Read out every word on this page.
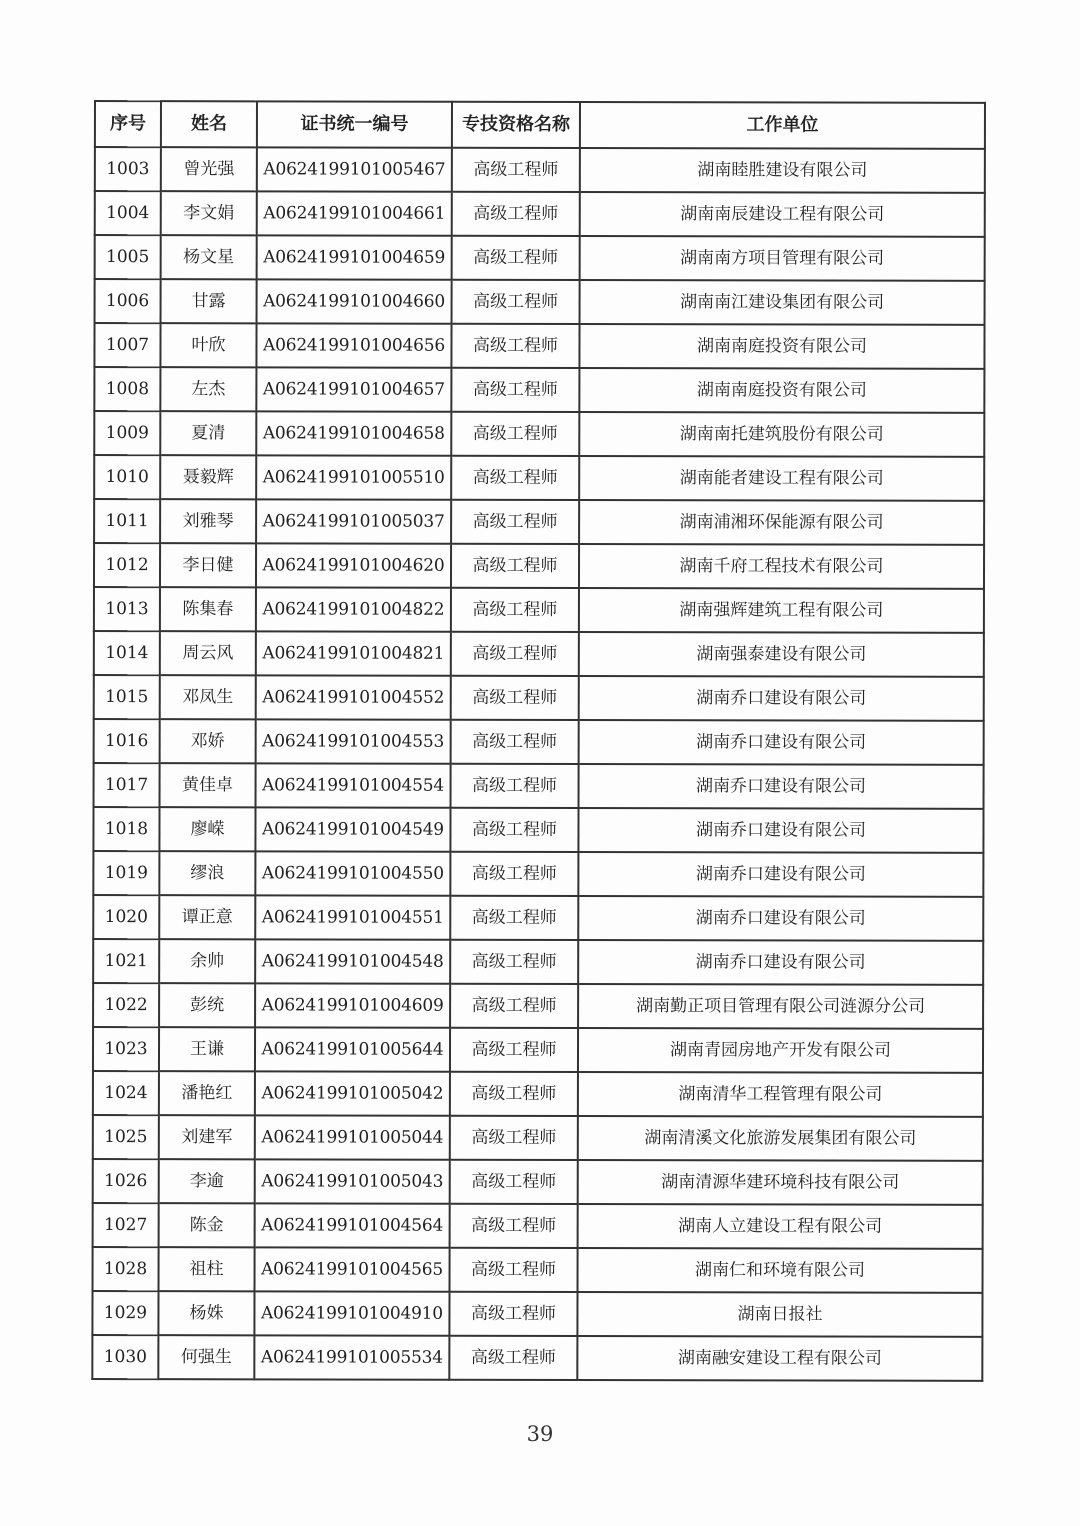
序号	姓名	证书统一编号	专技资格名称	工作单位
1003	曾光强	A0624199101005467	高级工程师	湖南睦胜建设有限公司
1004	李文娟	A0624199101004661	高级工程师	湖南南辰建设工程有限公司
1005	杨文星	A0624199101004659	高级工程师	湖南南方项目管理有限公司
1006	甘露	A0624199101004660	高级工程师	湖南南江建设集团有限公司
1007	叶欣	A0624199101004656	高级工程师	湖南南庭投资有限公司
1008	左杰	A0624199101004657	高级工程师	湖南南庭投资有限公司
1009	夏清	A0624199101004658	高级工程师	湖南南托建筑股份有限公司
1010	聂毅辉	A0624199101005510	高级工程师	湖南能者建设工程有限公司
1011	刘雅琴	A0624199101005037	高级工程师	湖南浦湘环保能源有限公司
1012	李日健	A0624199101004620	高级工程师	湖南千府工程技术有限公司
1013	陈集春	A0624199101004822	高级工程师	湖南强辉建筑工程有限公司
1014	周云风	A0624199101004821	高级工程师	湖南强泰建设有限公司
1015	邓凤生	A0624199101004552	高级工程师	湖南乔口建设有限公司
1016	邓娇	A0624199101004553	高级工程师	湖南乔口建设有限公司
1017	黄佳卓	A0624199101004554	高级工程师	湖南乔口建设有限公司
1018	廖嵘	A0624199101004549	高级工程师	湖南乔口建设有限公司
1019	缪浪	A0624199101004550	高级工程师	湖南乔口建设有限公司
1020	谭正意	A0624199101004551	高级工程师	湖南乔口建设有限公司
1021	余帅	A0624199101004548	高级工程师	湖南乔口建设有限公司
1022	彭统	A0624199101004609	高级工程师	湖南勤正项目管理有限公司涟源分公司
1023	王谦	A0624199101005644	高级工程师	湖南青园房地产开发有限公司
1024	潘艳红	A0624199101005042	高级工程师	湖南清华工程管理有限公司
1025	刘建军	A0624199101005044	高级工程师	湖南清溪文化旅游发展集团有限公司
1026	李逾	A0624199101005043	高级工程师	湖南清源华建环境科技有限公司
1027	陈金	A0624199101004564	高级工程师	湖南人立建设工程有限公司
1028	祖柱	A0624199101004565	高级工程师	湖南仁和环境有限公司
1029	杨姝	A0624199101004910	高级工程师	湖南日报社
1030	何强生	A0624199101005534	高级工程师	湖南融安建设工程有限公司
39
